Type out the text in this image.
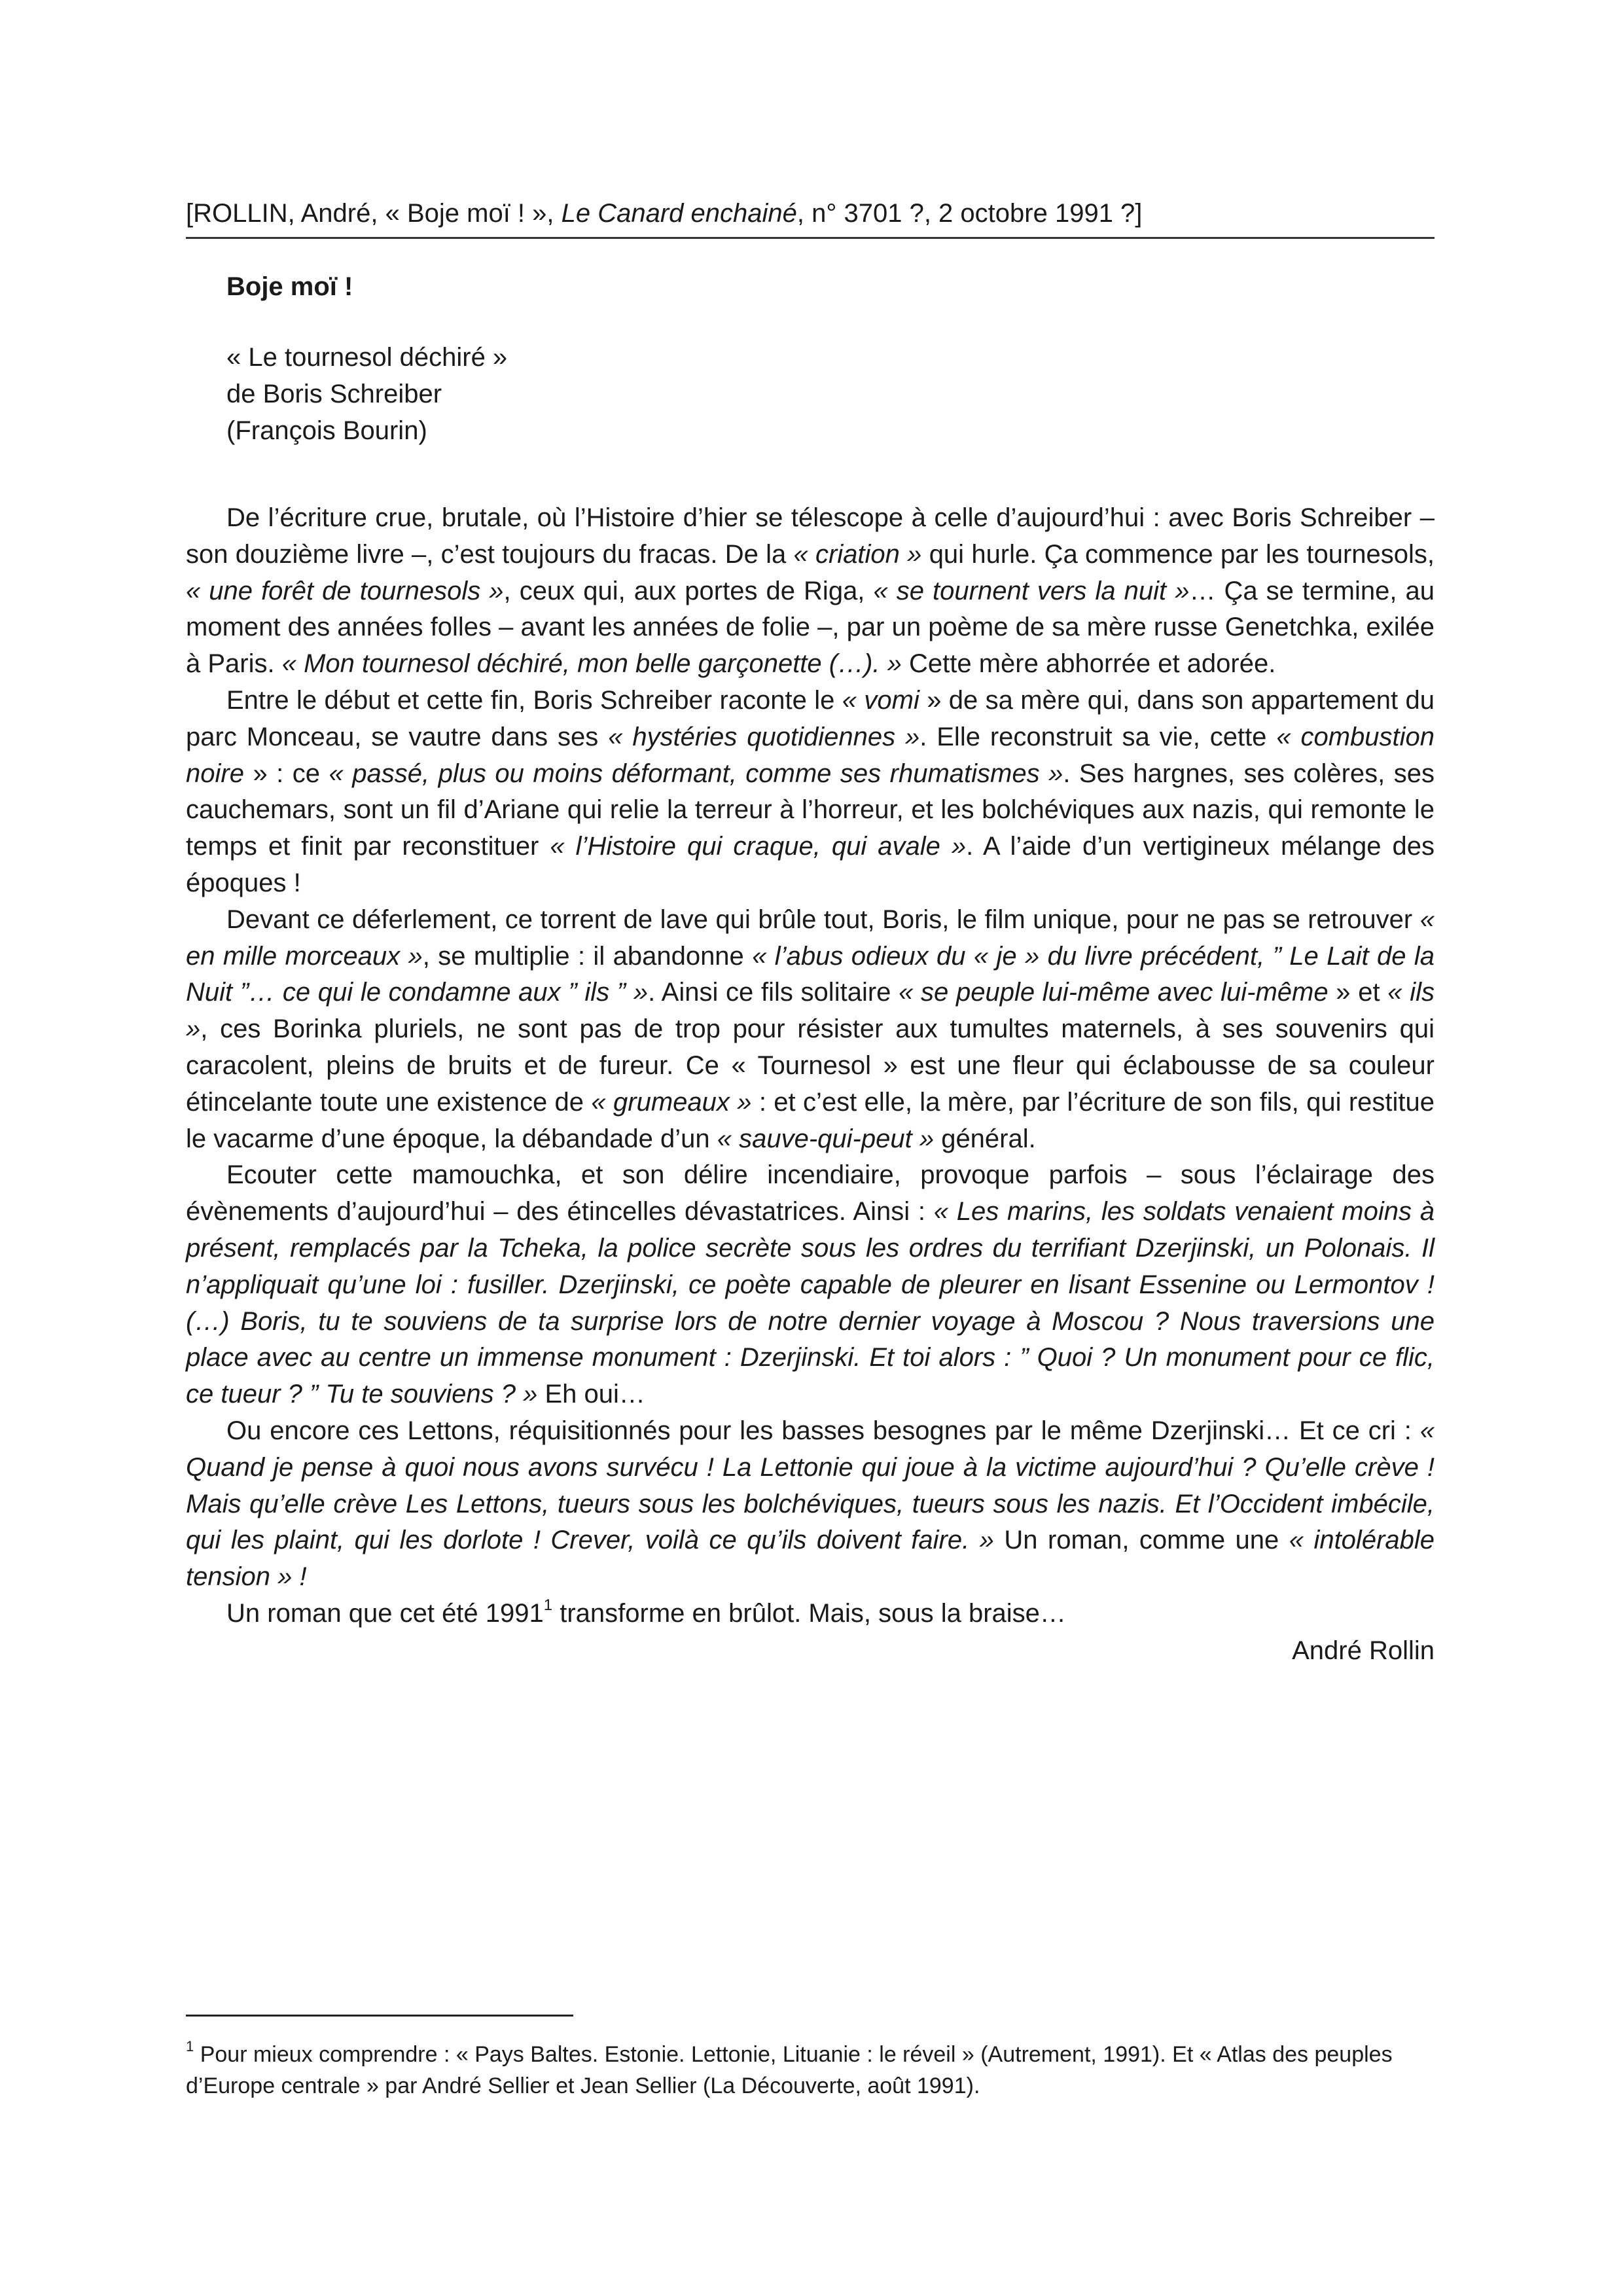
[ROLLIN, André, « Boje moï ! », Le Canard enchainé, n° 3701 ?, 2 octobre 1991 ?]
Boje moï !
« Le tournesol déchiré »
de Boris Schreiber
(François Bourin)

De l’écriture crue, brutale, où l’Histoire d’hier se télescope à celle d’aujourd’hui : avec Boris Schreiber – son douzième livre –, c’est toujours du fracas. De la « criation » qui hurle. Ça commence par les tournesols, « une forêt de tournesols », ceux qui, aux portes de Riga, « se tournent vers la nuit »… Ça se termine, au moment des années folles – avant les années de folie –, par un poème de sa mère russe Genetchka, exilée à Paris. « Mon tournesol déchiré, mon belle garçonette (…). » Cette mère abhorrée et adorée.

Entre le début et cette fin, Boris Schreiber raconte le « vomi » de sa mère qui, dans son appartement du parc Monceau, se vautre dans ses « hystéries quotidiennes ». Elle reconstruit sa vie, cette « combustion noire » : ce « passé, plus ou moins déformant, comme ses rhumatismes ». Ses hargnes, ses colères, ses cauchemars, sont un fil d’Ariane qui relie la terreur à l’horreur, et les bolchéviques aux nazis, qui remonte le temps et finit par reconstituer « l’Histoire qui craque, qui avale ». A l’aide d’un vertigineux mélange des époques !

Devant ce déferlement, ce torrent de lave qui brûle tout, Boris, le film unique, pour ne pas se retrouver « en mille morceaux », se multiplie : il abandonne « l’abus odieux du « je » du livre précédent, ” Le Lait de la Nuit ”… ce qui le condamne aux ” ils ” ». Ainsi ce fils solitaire « se peuple lui-même avec lui-même » et « ils », ces Borinka pluriels, ne sont pas de trop pour résister aux tumultes maternels, à ses souvenirs qui caracolent, pleins de bruits et de fureur. Ce « Tournesol » est une fleur qui éclabousse de sa couleur étincelante toute une existence de « grumeaux » : et c’est elle, la mère, par l’écriture de son fils, qui restitue le vacarme d’une époque, la débandade d’un « sauve-qui-peut » général.

Ecouter cette mamouchka, et son délire incendiaire, provoque parfois – sous l’éclairage des évènements d’aujourd’hui – des étincelles dévastatrices. Ainsi : « Les marins, les soldats venaient moins à présent, remplacés par la Tcheka, la police secrète sous les ordres du terrifiant Dzerjinski, un Polonais. Il n’appliquait qu’une loi : fusiller. Dzerjinski, ce poète capable de pleurer en lisant Essenine ou Lermontov ! (…) Boris, tu te souviens de ta surprise lors de notre dernier voyage à Moscou ? Nous traversions une place avec au centre un immense monument : Dzerjinski. Et toi alors : ” Quoi ? Un monument pour ce flic, ce tueur ? ” Tu te souviens ? » Eh oui…

Ou encore ces Lettons, réquisitionnés pour les basses besognes par le même Dzerjinski… Et ce cri : « Quand je pense à quoi nous avons survécu ! La Lettonie qui joue à la victime aujourd’hui ? Qu’elle crève ! Mais qu’elle crève Les Lettons, tueurs sous les bolchéviques, tueurs sous les nazis. Et l’Occident imbécile, qui les plaint, qui les dorlote ! Crever, voilà ce qu’ils doivent faire. » Un roman, comme une « intolérable tension » !

Un roman que cet été 1991$^1$ transforme en brûlot. Mais, sous la braise…

André Rollin

$^1$ Pour mieux comprendre : « Pays Baltes. Estonie. Lettonie, Lituanie : le réveil » (Autrement, 1991). Et « Atlas des peuples d’Europe centrale » par André Sellier et Jean Sellier (La Découverte, août 1991).
